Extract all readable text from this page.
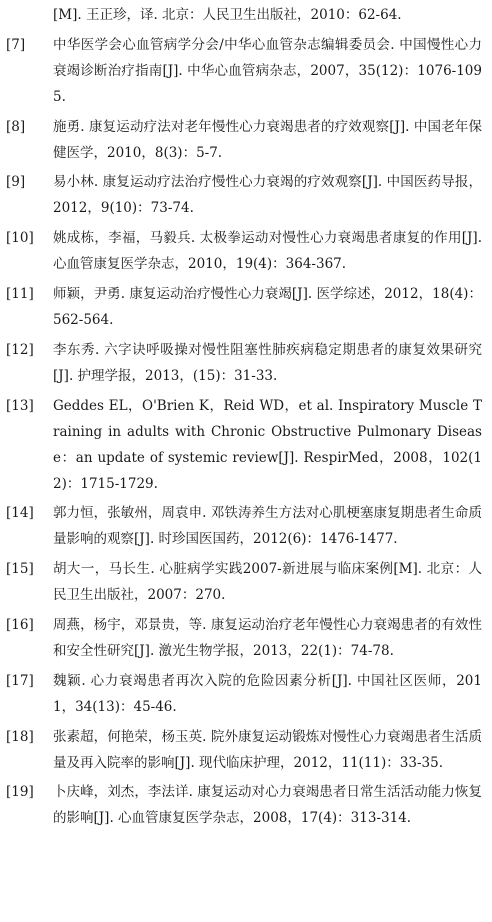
[M]. 王正珍，译. 北京：人民卫生出版社，2010：62-64.
[7] 中华医学会心血管病学分会/中华心血管杂志编辑委员会. 中国慢性心力衰竭诊断治疗指南[J]. 中华心血管病杂志，2007，35(12)：1076-1095.
[8] 施勇. 康复运动疗法对老年慢性心力衰竭患者的疗效观察[J]. 中国老年保健医学，2010，8(3)：5-7.
[9] 易小林. 康复运动疗法治疗慢性心力衰竭的疗效观察[J]. 中国医药导报，2012，9(10)：73-74.
[10] 姚成栋，李福，马毅兵. 太极拳运动对慢性心力衰竭患者康复的作用[J]. 心血管康复医学杂志，2010，19(4)：364-367.
[11] 师颖，尹勇. 康复运动治疗慢性心力衰竭[J]. 医学综述，2012，18(4)：562-564.
[12] 李东秀. 六字诀呼吸操对慢性阻塞性肺疾病稳定期患者的康复效果研究[J]. 护理学报，2013，(15)：31-33.
[13] Geddes EL，O'Brien K，Reid WD，et al. Inspiratory Muscle Training in adults with Chronic Obstructive Pulmonary Disease：an update of systemic review[J]. RespirMed，2008，102(12)：1715-1729.
[14] 郭力恒，张敏州，周袁申. 邓铁涛养生方法对心肌梗塞康复期患者生命质量影响的观察[J]. 时珍国医国药，2012(6)：1476-1477.
[15] 胡大一，马长生. 心脏病学实践2007-新进展与临床案例[M]. 北京：人民卫生出版社，2007：270.
[16] 周燕，杨宇，邓景贵，等. 康复运动治疗老年慢性心力衰竭患者的有效性和安全性研究[J]. 激光生物学报，2013，22(1)：74-78.
[17] 魏颖. 心力衰竭患者再次入院的危险因素分析[J]. 中国社区医师，2011，34(13)：45-46.
[18] 张素超，何艳荣，杨玉英. 院外康复运动锻炼对慢性心力衰竭患者生活质量及再入院率的影响[J]. 现代临床护理，2012，11(11)：33-35.
[19] 卜庆峰，刘杰，李法详. 康复运动对心力衰竭患者日常生活活动能力恢复的影响[J]. 心血管康复医学杂志，2008，17(4)：313-314.
